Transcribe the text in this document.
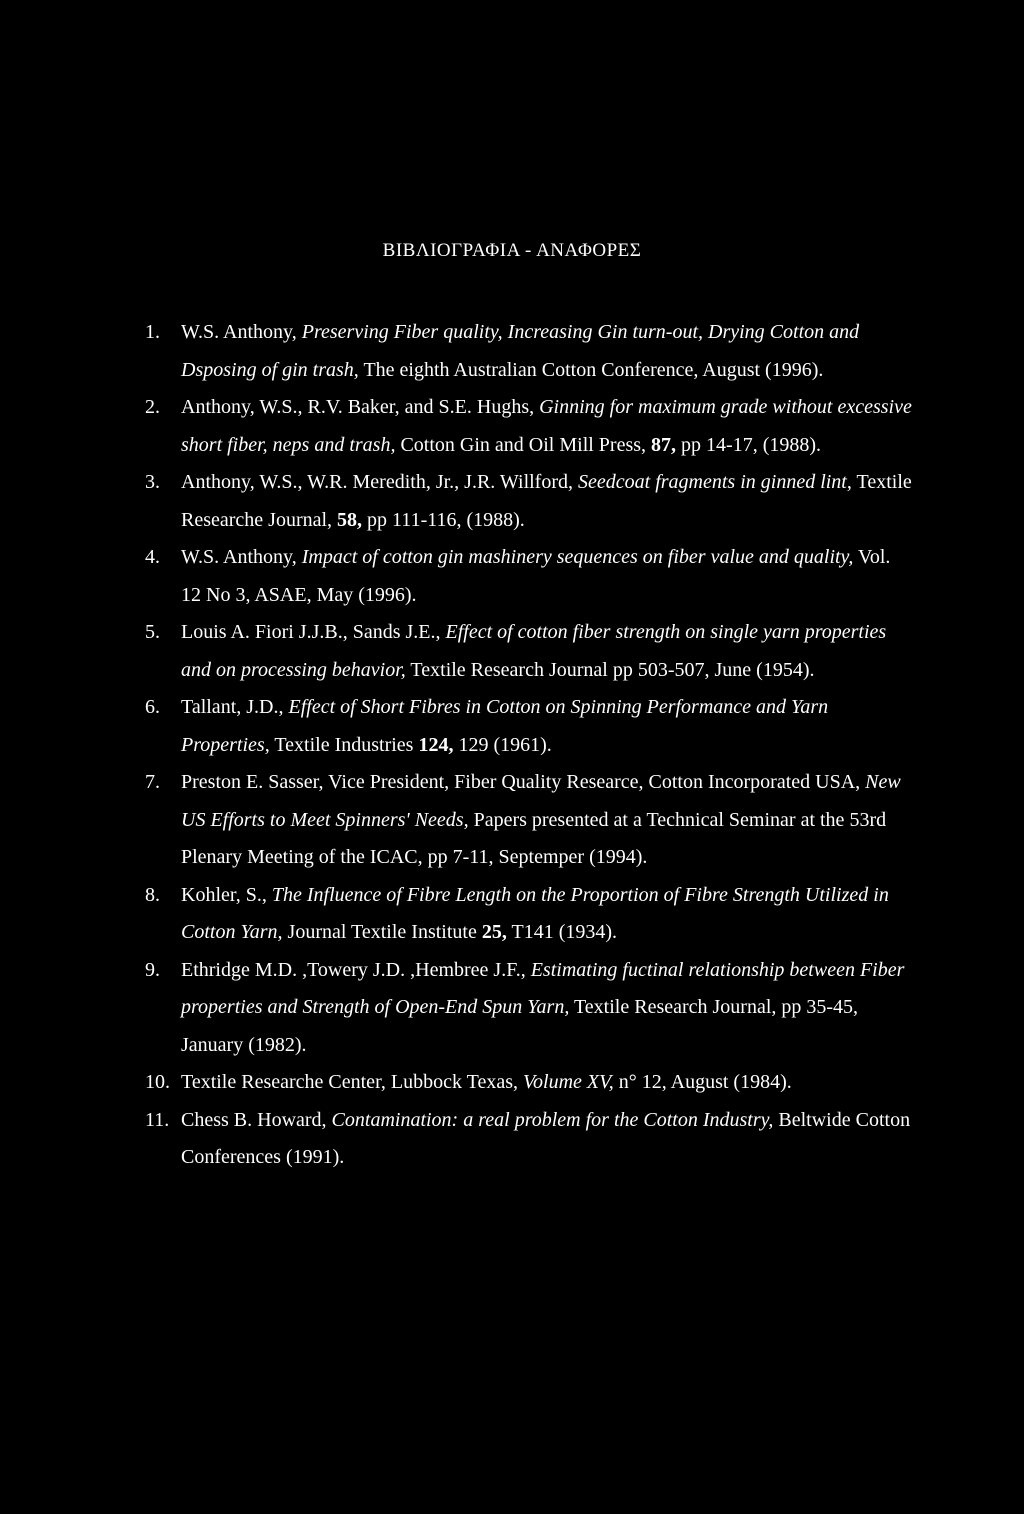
ΒΙΒΛΙΟΓΡΑΦΙΑ - ΑΝΑΦΟΡΕΣ
1.	W.S. Anthony, Preserving Fiber quality, Increasing Gin turn-out, Drying Cotton and Dsposing of gin trash, The eighth Australian Cotton Conference, August (1996).
2.	Anthony, W.S., R.V. Baker, and S.E. Hughs, Ginning for maximum grade without excessive short fiber, neps and trash, Cotton Gin and Oil Mill Press, 87, pp 14-17, (1988).
3.	Anthony, W.S., W.R. Meredith, Jr., J.R. Willford, Seedcoat fragments in ginned lint, Textile Researche Journal, 58, pp 111-116, (1988).
4.	W.S. Anthony, Impact of cotton gin mashinery sequences on fiber value and quality, Vol. 12 No 3, ASAE, May (1996).
5.	Louis A. Fiori J.J.B., Sands J.E., Effect of cotton fiber strength on single yarn properties and on processing behavior, Textile Research Journal pp 503-507, June (1954).
6.	Tallant, J.D., Effect of Short Fibres in Cotton on Spinning Performance and Yarn Properties, Textile Industries 124, 129 (1961).
7.	Preston E. Sasser, Vice President, Fiber Quality Researce, Cotton Incorporated USA, New US Efforts to Meet Spinners' Needs, Papers presented at a Technical Seminar at the 53rd Plenary Meeting of the ICAC, pp 7-11, Septemper (1994).
8.	Kohler, S., The Influence of Fibre Length on the Proportion of Fibre Strength Utilized in Cotton Yarn, Journal Textile Institute 25, T141 (1934).
9.	Ethridge M.D. ,Towery J.D. ,Hembree J.F., Estimating fuctinal relationship between Fiber properties and Strength of Open-End Spun Yarn, Textile Research Journal, pp 35-45, January (1982).
10. Textile Researche Center, Lubbock Texas, Volume XV, n° 12, August (1984).
11. Chess B. Howard, Contamination: a real problem for the Cotton Industry, Beltwide Cotton Conferences (1991).
